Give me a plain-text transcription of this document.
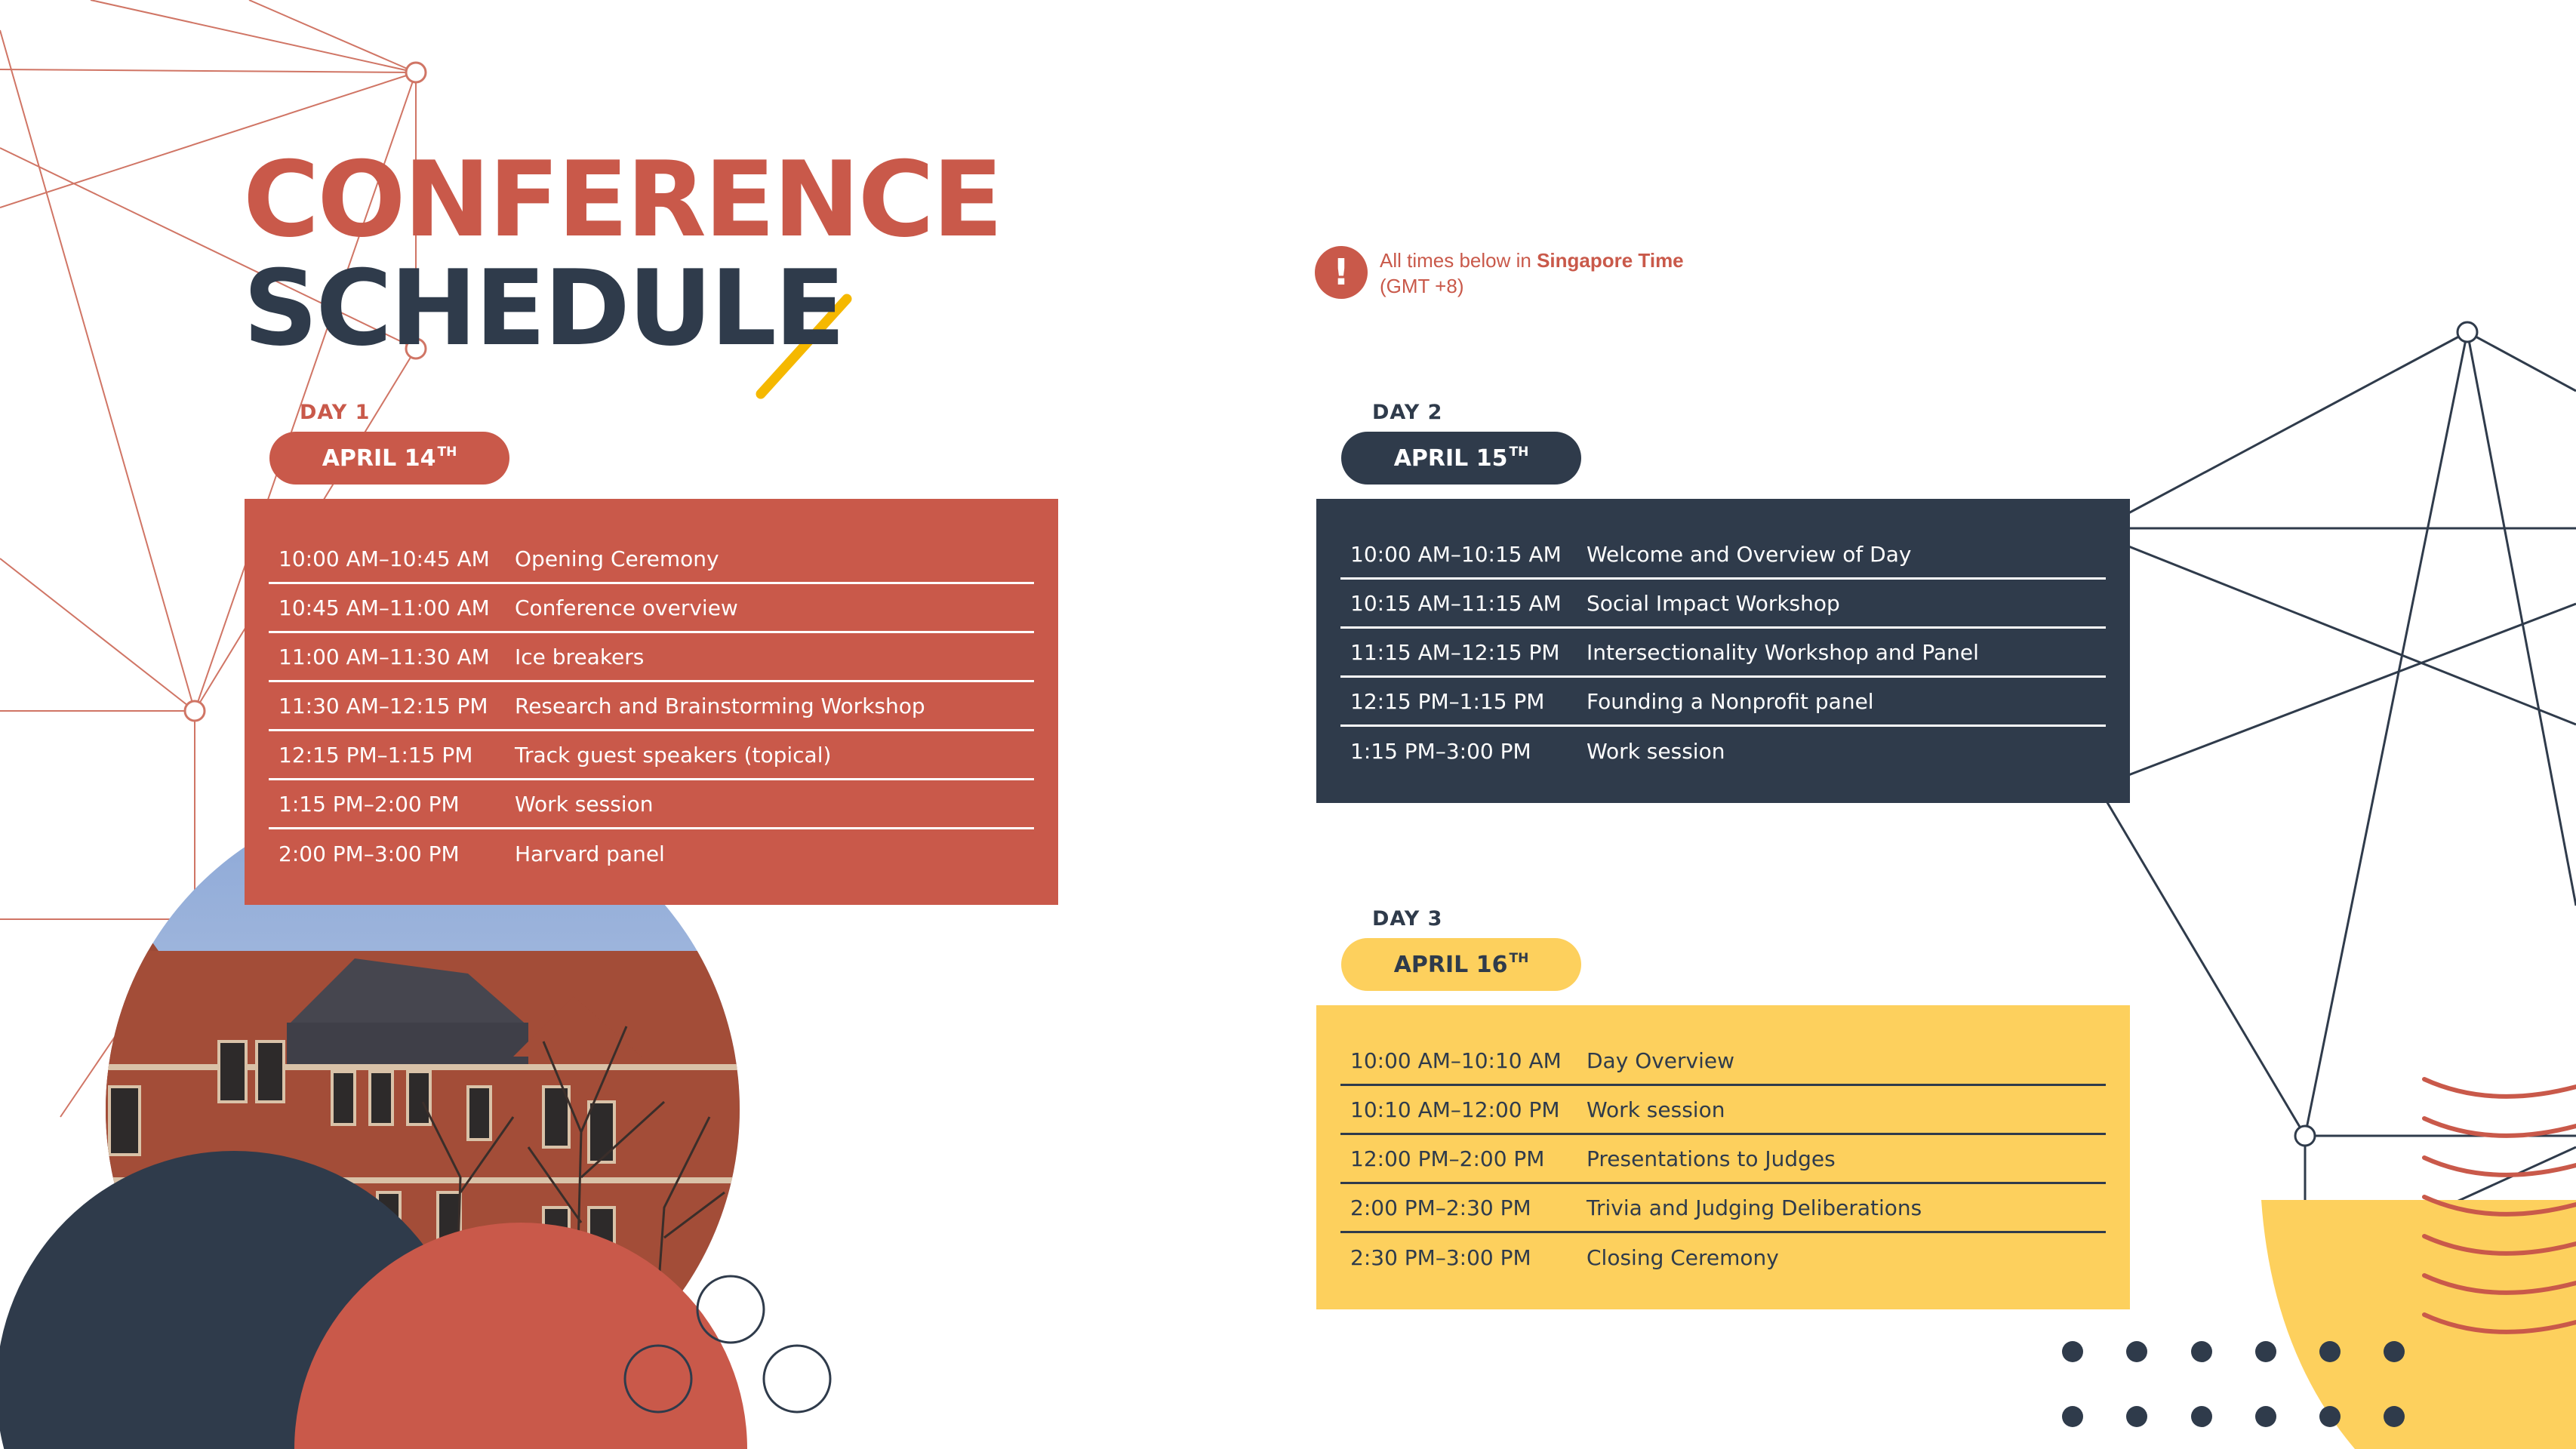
CONFERENCE
SCHEDULE	!	All times below in Singapore Time
(GMT +8)
DAY 1
APRIL 14TH
10:00 AM–10:45 AM	Opening Ceremony
10:45 AM–11:00 AM	Conference overview
11:00 AM–11:30 AM	Ice breakers
11:30 AM–12:15 PM	Research and Brainstorming Workshop
12:15 PM–1:15 PM	Track guest speakers (topical)
1:15 PM–2:00 PM	Work session
2:00 PM–3:00 PM	Harvard panel
DAY 2
APRIL 15TH
10:00 AM–10:15 AM	Welcome and Overview of Day
10:15 AM–11:15 AM	Social Impact Workshop
11:15 AM–12:15 PM	Intersectionality Workshop and Panel
12:15 PM–1:15 PM	Founding a Nonprofit panel
1:15 PM–3:00 PM	Work session
DAY 3
APRIL 16TH
10:00 AM–10:10 AM	Day Overview
10:10 AM–12:00 PM	Work session
12:00 PM–2:00 PM	Presentations to Judges
2:00 PM–2:30 PM	Trivia and Judging Deliberations
2:30 PM–3:00 PM	Closing Ceremony
